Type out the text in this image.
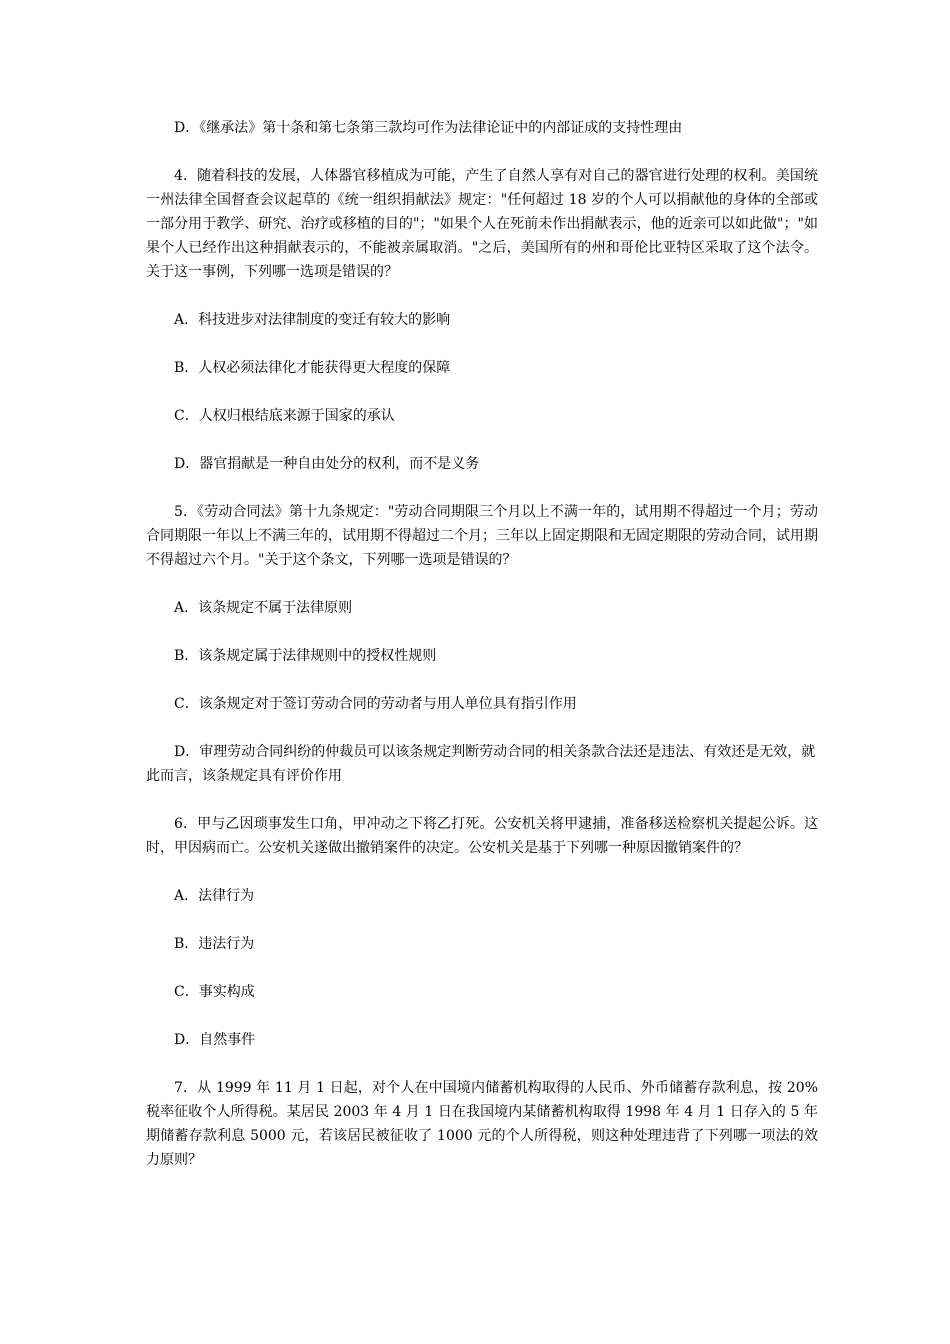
D．《继承法》第十条和第七条第三款均可作为法律论证中的内部证成的支持性理由

4．随着科技的发展，人体器官移植成为可能，产生了自然人享有对自己的器官进行处理的权利。美国统一州法律全国督查会议起草的《统一组织捐献法》规定："任何超过 18 岁的个人可以捐献他的身体的全部或一部分用于教学、研究、治疗或移植的目的"；"如果个人在死前未作出捐献表示，他的近亲可以如此做"；"如果个人已经作出这种捐献表示的，不能被亲属取消。"之后，美国所有的州和哥伦比亚特区采取了这个法令。关于这一事例，下列哪一选项是错误的？

A．科技进步对法律制度的变迁有较大的影响

B．人权必须法律化才能获得更大程度的保障

C．人权归根结底来源于国家的承认

D．器官捐献是一种自由处分的权利，而不是义务

5．《劳动合同法》第十九条规定："劳动合同期限三个月以上不满一年的，试用期不得超过一个月；劳动合同期限一年以上不满三年的，试用期不得超过二个月；三年以上固定期限和无固定期限的劳动合同，试用期不得超过六个月。"关于这个条文，下列哪一选项是错误的？

A．该条规定不属于法律原则

B．该条规定属于法律规则中的授权性规则

C．该条规定对于签订劳动合同的劳动者与用人单位具有指引作用

D．审理劳动合同纠纷的仲裁员可以该条规定判断劳动合同的相关条款合法还是违法、有效还是无效，就此而言，该条规定具有评价作用

6．甲与乙因琐事发生口角，甲冲动之下将乙打死。公安机关将甲逮捕，准备移送检察机关提起公诉。这时，甲因病而亡。公安机关遂做出撤销案件的决定。公安机关是基于下列哪一种原因撤销案件的？

A．法律行为

B．违法行为

C．事实构成

D．自然事件

7．从 1999 年 11 月 1 日起，对个人在中国境内储蓄机构取得的人民币、外币储蓄存款利息，按 20%税率征收个人所得税。某居民 2003 年 4 月 1 日在我国境内某储蓄机构取得 1998 年 4 月 1 日存入的 5 年期储蓄存款利息 5000 元，若该居民被征收了 1000 元的个人所得税，则这种处理违背了下列哪一项法的效力原则？
